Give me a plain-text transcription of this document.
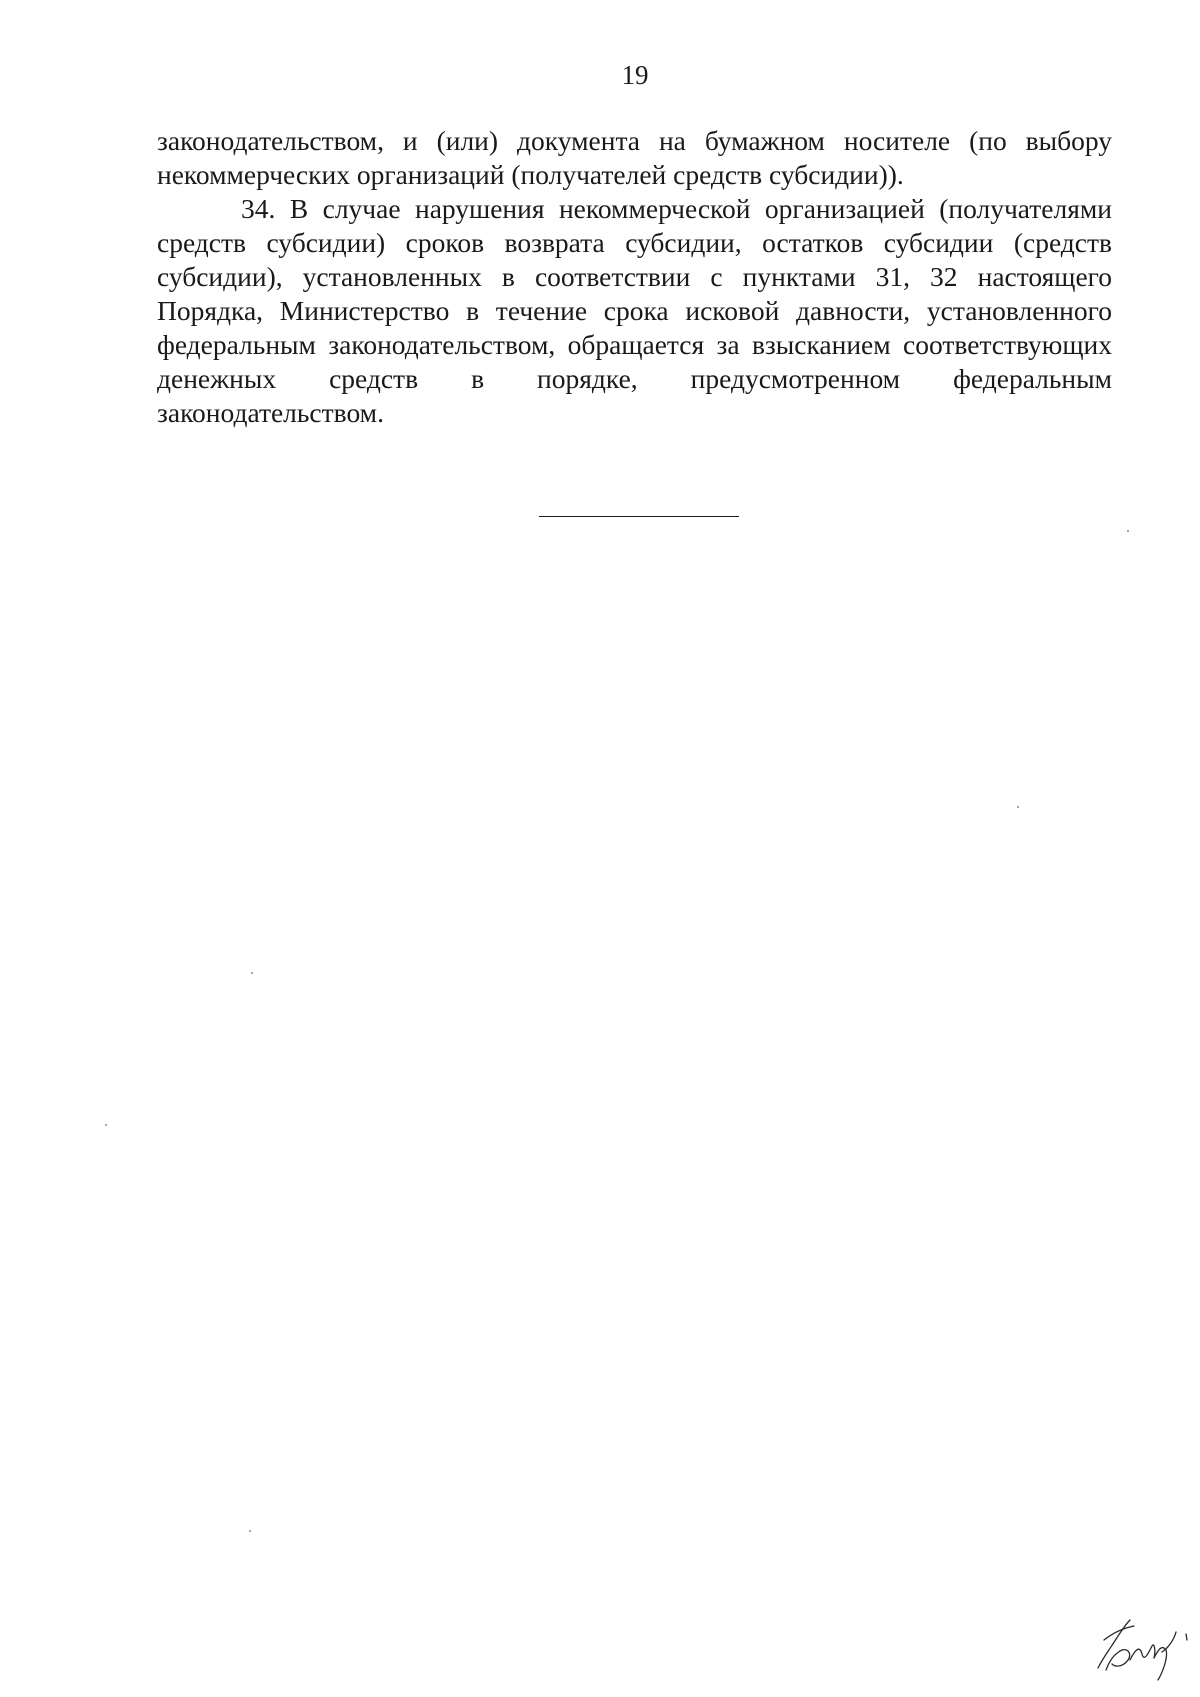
19

законодательством, и (или) документа на бумажном носителе (по выбору некоммерческих организаций (получателей средств субсидии)).

34. В случае нарушения некоммерческой организацией (получателями средств субсидии) сроков возврата субсидии, остатков субсидии (средств субсидии), установленных в соответствии с пунктами 31, 32 настоящего Порядка, Министерство в течение срока исковой давности, установленного федеральным законодательством, обращается за взысканием соответствующих денежных средств в порядке, предусмотренном федеральным законодательством.
